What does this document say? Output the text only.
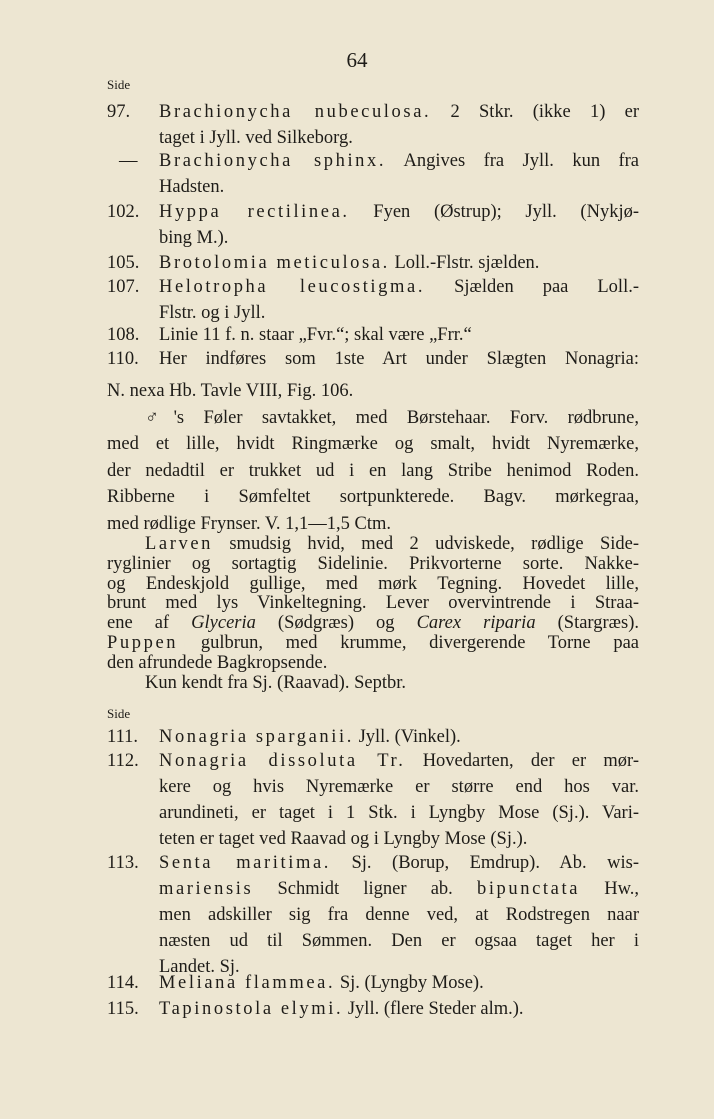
64
Side
97.	Brachionycha nubeculosa. 2 Stkr. (ikke 1) er
taget i Jyll. ved Silkeborg.
—	Brachionycha sphinx. Angives fra Jyll. kun fra
Hadsten.
102.	Hyppa rectilinea. Fyen (Østrup); Jyll. (Nykjø-
bing M.).
105.	Brotolomia meticulosa. Loll.-Flstr. sjælden.
107.	Helotropha leucostigma. Sjælden paa Loll.-
Flstr. og i Jyll.
108.	Linie 11 f. n. staar „Fvr.“; skal være „Frr.“
110.	Her indføres som 1ste Art under Slægten Nonagria:
N. nexa Hb. Tavle VIII, Fig. 106.
♂'s Føler savtakket, med Børstehaar. Forv. rødbrune,
med et lille, hvidt Ringmærke og smalt, hvidt Nyremærke,
der nedadtil er trukket ud i en lang Stribe henimod Roden.
Ribberne i Sømfeltet sortpunkterede. Bagv. mørkegraa,
med rødlige Frynser. V. 1,1—1,5 Ctm.
Larven smudsig hvid, med 2 udviskede, rødlige Side-
ryglinier og sortagtig Sidelinie. Prikvorterne sorte. Nakke-
og Endeskjold gullige, med mørk Tegning. Hovedet lille,
brunt med lys Vinkeltegning. Lever overvintrende i Straa-
ene af Glyceria (Sødgræs) og Carex riparia (Stargræs).
Puppen gulbrun, med krumme, divergerende Torne paa
den afrundede Bagkropsende.
Kun kendt fra Sj. (Raavad). Septbr.
Side
111.	Nonagria sparganii. Jyll. (Vinkel).
112.	Nonagria dissoluta Tr. Hovedarten, der er mør-
kere og hvis Nyremærke er større end hos var.
arundineti, er taget i 1 Stk. i Lyngby Mose (Sj.). Vari-
teten er taget ved Raavad og i Lyngby Mose (Sj.).
113.	Senta maritima. Sj. (Borup, Emdrup). Ab. wis-
mariensis Schmidt ligner ab. bipunctata Hw.,
men adskiller sig fra denne ved, at Rodstregen naar
næsten ud til Sømmen. Den er ogsaa taget her i
Landet. Sj.
114.	Meliana flammea. Sj. (Lyngby Mose).
115.	Tapinostola elymi. Jyll. (flere Steder alm.).
